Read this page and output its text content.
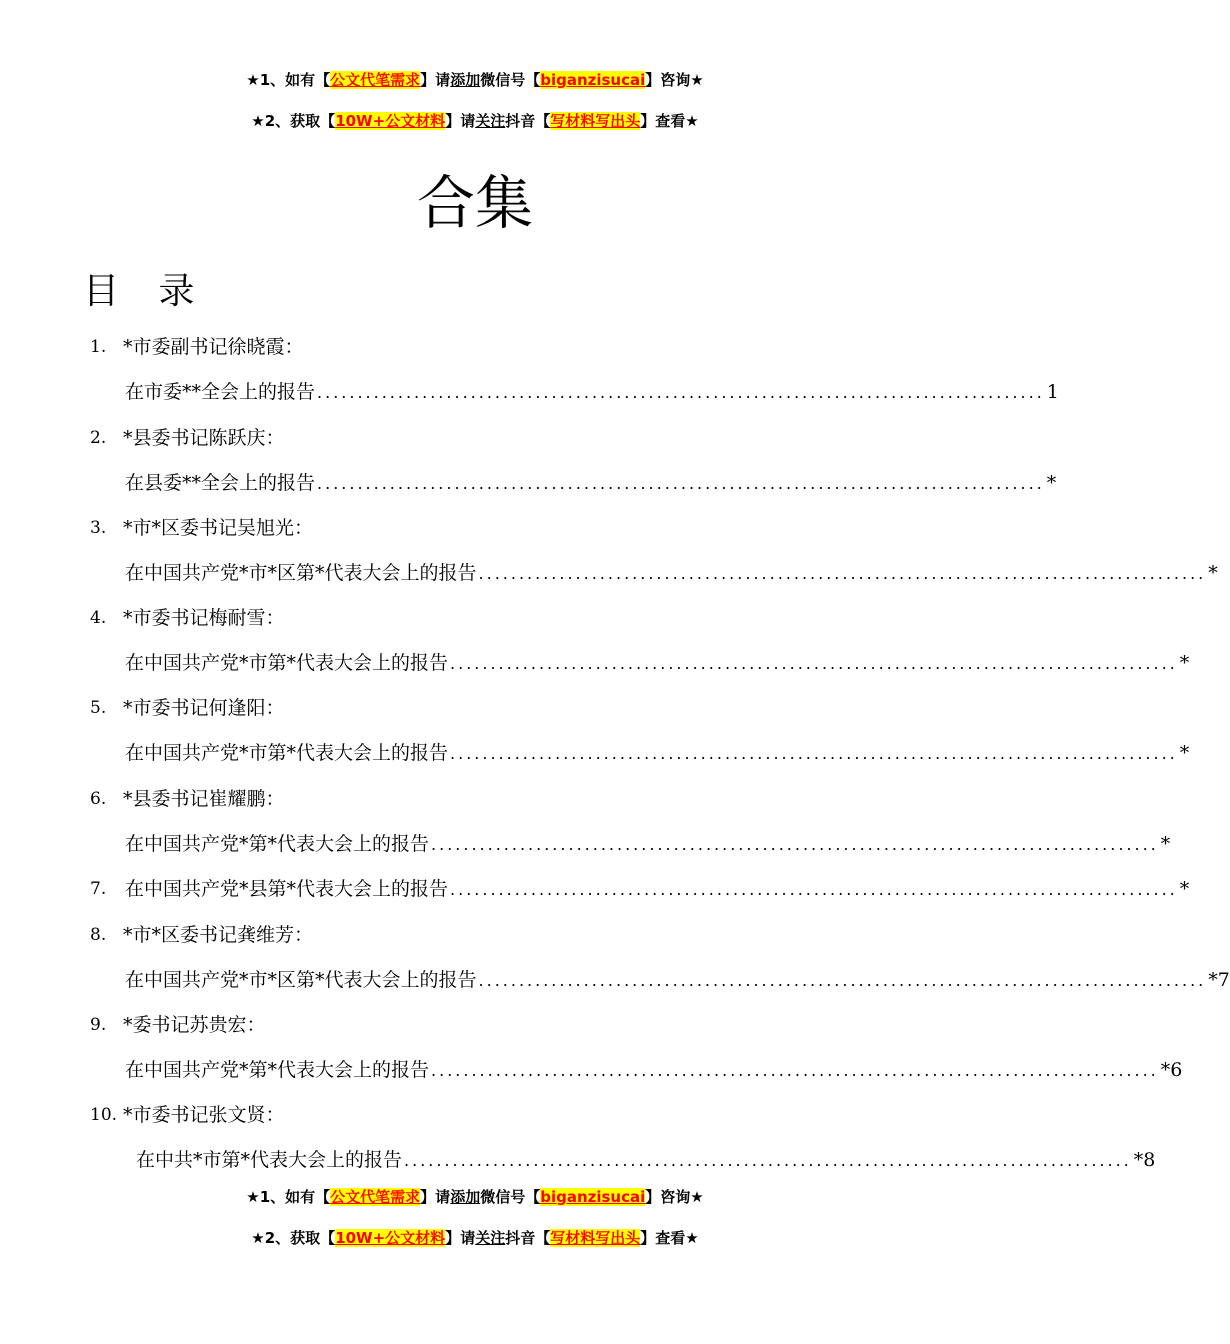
★1、如有【公文代笔需求】请添加微信号【biganzisucai】咨询★
★2、获取【10W+公文材料】请关注抖音【写材料写出头】查看★
合集
目 录
1. *市委副书记徐晓霞：
在市委**全会上的报告 .......................................................................................... 1
2. *县委书记陈跃庆：
在县委**全会上的报告 .......................................................................................... *
3. *市*区委书记吴旭光：
在中国共产党*市*区第*代表大会上的报告 .......................................................................................... *
4. *市委书记梅耐雪：
在中国共产党*市第*代表大会上的报告 .......................................................................................... *
5. *市委书记何逢阳：
在中国共产党*市第*代表大会上的报告 .......................................................................................... *
6. *县委书记崔耀鹏：
在中国共产党*第*代表大会上的报告 .......................................................................................... *
7. 在中国共产党*县第*代表大会上的报告 .......................................................................................... *
8. *市*区委书记龚维芳：
在中国共产党*市*区第*代表大会上的报告 .......................................................................................... *7
9. *委书记苏贵宏：
在中国共产党*第*代表大会上的报告 .......................................................................................... *6
10. *市委书记张文贤：
在中共*市第*代表大会上的报告 .......................................................................................... *8
★1、如有【公文代笔需求】请添加微信号【biganzisucai】咨询★
★2、获取【10W+公文材料】请关注抖音【写材料写出头】查看★
